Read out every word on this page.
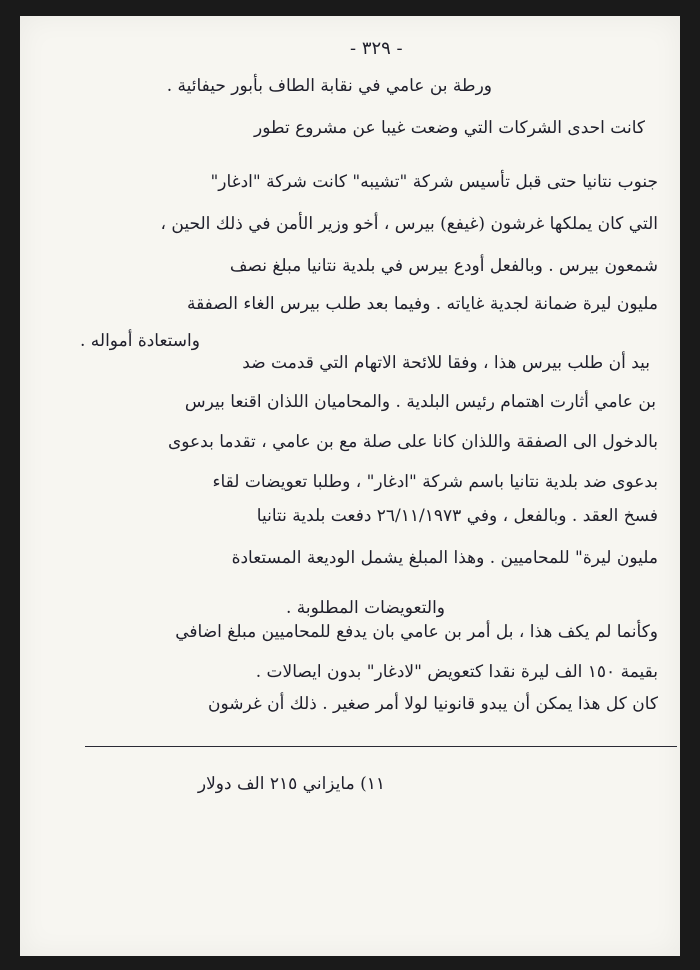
- ٣٢٩ -
ورطة بن عامي في نقابة الطاف بأبور حيفائية .
كانت احدى الشركات التي وضعت غيبا عن مشروع تطور
جنوب نتانيا حتى قبل تأسيس شركة "تشيبه" كانت شركة "ادغار"
التي كان يملكها غرشون (غيفع) بيرس ، أخو وزير الأمن في ذلك الحين ،
شمعون بيرس . وبالفعل أودع بيرس في بلدية نتانيا مبلغ نصف
مليون ليرة ضمانة لجدية غاياته . وفيما بعد طلب بيرس الغاء الصفقة
واستعادة أمواله .
بيد أن طلب بيرس هذا ، وفقا للائحة الاتهام التي قدمت ضد
بن عامي أثارت اهتمام رئيس البلدية . والمحاميان اللذان اقنعا بيرس
بالدخول الى الصفقة واللذان كانا على صلة مع بن عامي ، تقدما بدعوى
بدعوى ضد بلدية نتانيا باسم شركة "ادغار" ، وطلبا تعويضات لقاء
فسخ العقد . وبالفعل ، وفي ٢٦/١١/١٩٧٣ دفعت بلدية نتانيا
مليون ليرة" للمحاميين . وهذا المبلغ يشمل الوديعة المستعادة
والتعويضات المطلوبة .
وكأنما لم يكف هذا ، بل أمر بن عامي بان يدفع للمحاميين مبلغ اضافي
بقيمة ١٥٠ الف ليرة نقدا كتعويض "لادغار" بدون ايصالات .
كان كل هذا يمكن أن يبدو قانونيا لولا أمر صغير . ذلك أن غرشون
١١) مايزاني ٢١٥ الف دولار
